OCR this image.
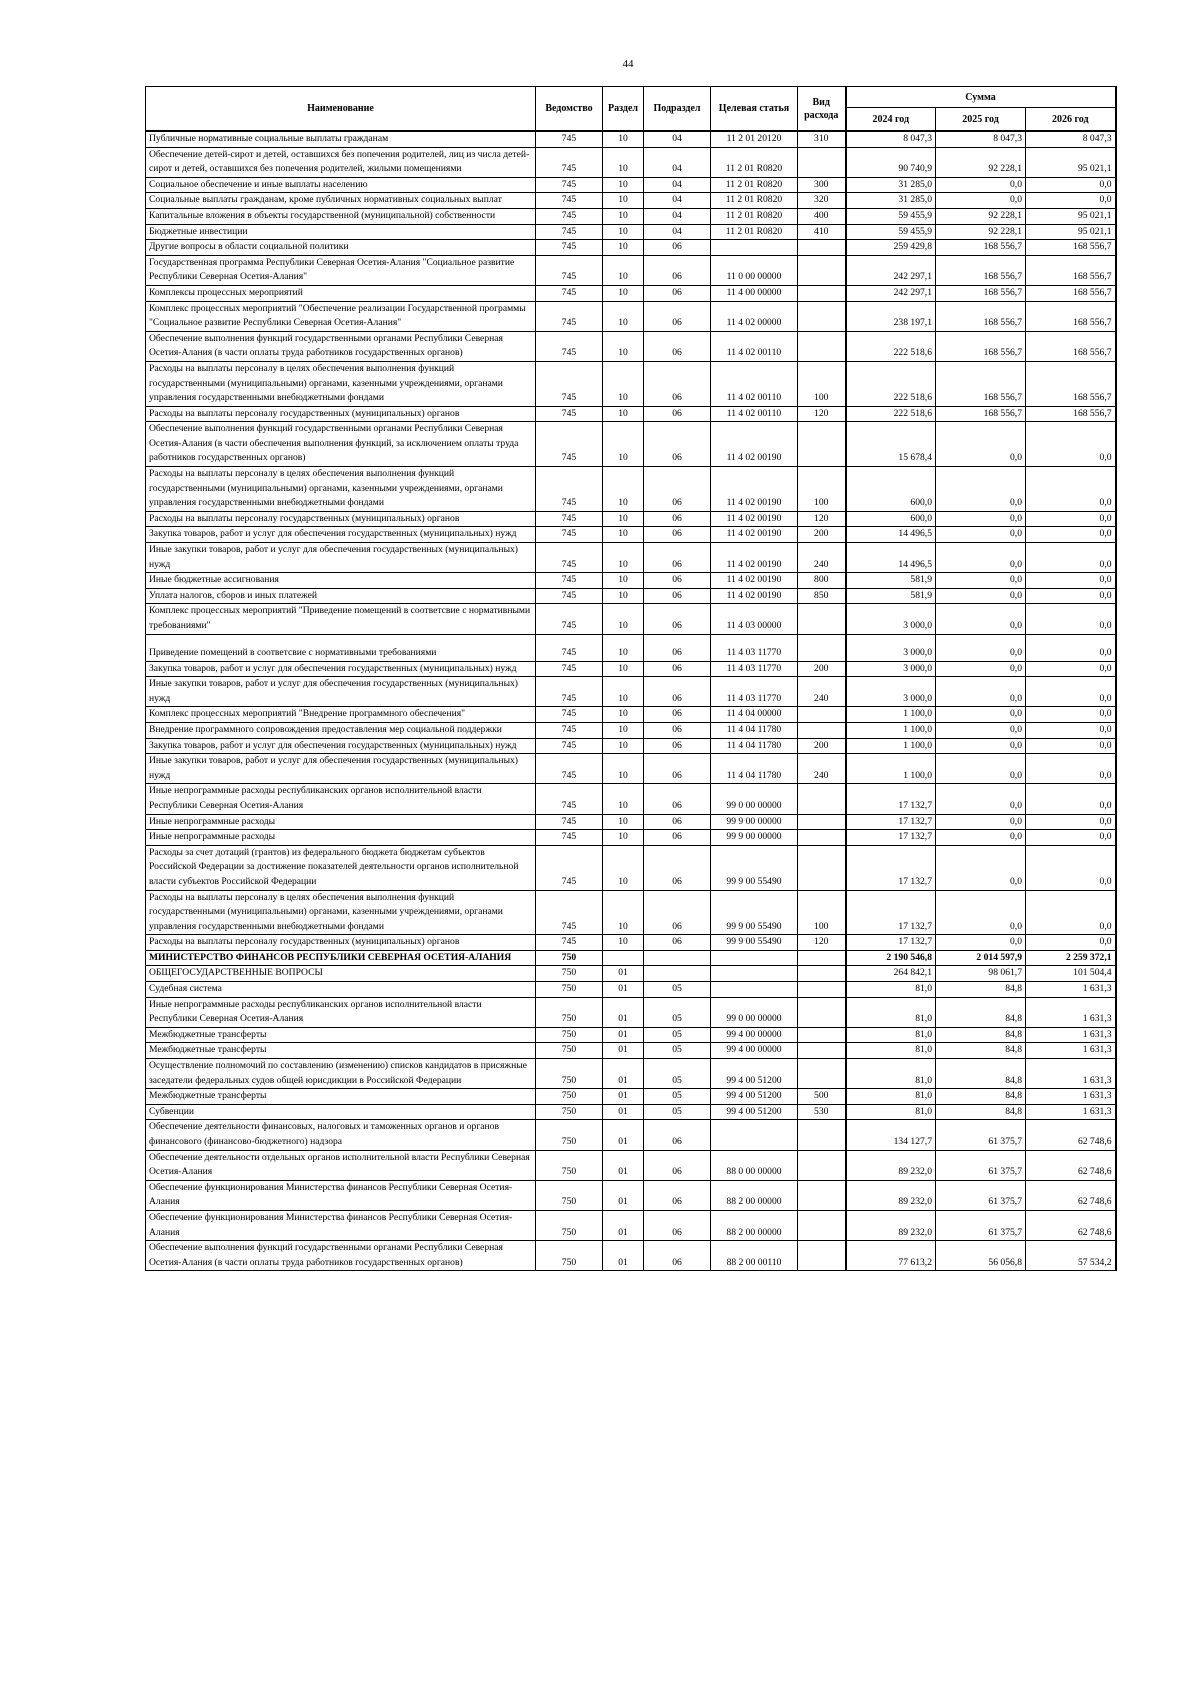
44
Наименование	Ведомство	Раздел	Подраздел	Целевая статья	Вид расхода	Сумма		
						2024 год	2025 год	2026 год
Публичные нормативные социальные выплаты гражданам	745	10	04	11 2 01 20120	310	8 047,3	8 047,3	8 047,3
Обеспечение детей-сирот и детей, оставшихся без попечения родителей, лиц из числа детей-сирот и детей, оставшихся без попечения родителей, жилыми помещениями	745	10	04	11 2 01 R0820		90 740,9	92 228,1	95 021,1
Социальное обеспечение и иные выплаты населению	745	10	04	11 2 01 R0820	300	31 285,0	0,0	0,0
Социальные выплаты гражданам, кроме публичных нормативных социальных выплат	745	10	04	11 2 01 R0820	320	31 285,0	0,0	0,0
Капитальные вложения в объекты государственной (муниципальной) собственности	745	10	04	11 2 01 R0820	400	59 455,9	92 228,1	95 021,1
Бюджетные инвестиции	745	10	04	11 2 01 R0820	410	59 455,9	92 228,1	95 021,1
Другие вопросы в области социальной политики	745	10	06			259 429,8	168 556,7	168 556,7
Государственная программа Республики Северная Осетия-Алания "Социальное развитие Республики Северная Осетия-Алания"	745	10	06	11 0 00 00000		242 297,1	168 556,7	168 556,7
Комплексы процессных мероприятий	745	10	06	11 4 00 00000		242 297,1	168 556,7	168 556,7
Комплекс процессных мероприятий "Обеспечение реализации Государственной программы "Социальное развитие Республики Северная Осетия-Алания"	745	10	06	11 4 02 00000		238 197,1	168 556,7	168 556,7
Обеспечение выполнения функций государственными органами Республики Северная Осетия-Алания (в части оплаты труда работников государственных органов)	745	10	06	11 4 02 00110		222 518,6	168 556,7	168 556,7
Расходы на выплаты персоналу в целях обеспечения выполнения функций государственными (муниципальными) органами, казенными учреждениями, органами управления государственными внебюджетными фондами	745	10	06	11 4 02 00110	100	222 518,6	168 556,7	168 556,7
Расходы на выплаты персоналу государственных (муниципальных) органов	745	10	06	11 4 02 00110	120	222 518,6	168 556,7	168 556,7
Обеспечение выполнения функций государственными органами Республики Северная Осетия-Алания (в части обеспечения выполнения функций, за исключением оплаты труда работников государственных органов)	745	10	06	11 4 02 00190		15 678,4	0,0	0,0
Расходы на выплаты персоналу в целях обеспечения выполнения функций государственными (муниципальными) органами, казенными учреждениями, органами управления государственными внебюджетными фондами	745	10	06	11 4 02 00190	100	600,0	0,0	0,0
Расходы на выплаты персоналу государственных (муниципальных) органов	745	10	06	11 4 02 00190	120	600,0	0,0	0,0
Закупка товаров, работ и услуг для обеспечения государственных (муниципальных) нужд	745	10	06	11 4 02 00190	200	14 496,5	0,0	0,0
Иные закупки товаров, работ и услуг для обеспечения государственных (муниципальных) нужд	745	10	06	11 4 02 00190	240	14 496,5	0,0	0,0
Иные бюджетные ассигнования	745	10	06	11 4 02 00190	800	581,9	0,0	0,0
Уплата налогов, сборов и иных платежей	745	10	06	11 4 02 00190	850	581,9	0,0	0,0
Комплекс процессных мероприятий "Приведение помещений в соответсвие с нормативными требованиями"	745	10	06	11 4 03 00000		3 000,0	0,0	0,0
Приведение помещений в соответсвие с нормативными требованиями	745	10	06	11 4 03 11770		3 000,0	0,0	0,0
Закупка товаров, работ и услуг для обеспечения государственных (муниципальных) нужд	745	10	06	11 4 03 11770	200	3 000,0	0,0	0,0
Иные закупки товаров, работ и услуг для обеспечения государственных (муниципальных) нужд	745	10	06	11 4 03 11770	240	3 000,0	0,0	0,0
Комплекс процессных мероприятий "Внедрение программного обеспечения"	745	10	06	11 4 04 00000		1 100,0	0,0	0,0
Внедрение программного сопровождения предоставления мер социальной поддержки	745	10	06	11 4 04 11780		1 100,0	0,0	0,0
Закупка товаров, работ и услуг для обеспечения государственных (муниципальных) нужд	745	10	06	11 4 04 11780	200	1 100,0	0,0	0,0
Иные закупки товаров, работ и услуг для обеспечения государственных (муниципальных) нужд	745	10	06	11 4 04 11780	240	1 100,0	0,0	0,0
Иные непрограммные расходы республиканских органов исполнительной власти Республики Северная Осетия-Алания	745	10	06	99 0 00 00000		17 132,7	0,0	0,0
Иные непрограммные расходы	745	10	06	99 9 00 00000		17 132,7	0,0	0,0
Иные непрограммные расходы	745	10	06	99 9 00 00000		17 132,7	0,0	0,0
Расходы за счет дотаций (грантов) из федерального бюджета бюджетам субъектов Российской Федерации за достижение показателей деятельности органов исполнительной власти субъектов Российской Федерации	745	10	06	99 9 00 55490		17 132,7	0,0	0,0
Расходы на выплаты персоналу в целях обеспечения выполнения функций государственными (муниципальными) органами, казенными учреждениями, органами управления государственными внебюджетными фондами	745	10	06	99 9 00 55490	100	17 132,7	0,0	0,0
Расходы на выплаты персоналу государственных (муниципальных) органов	745	10	06	99 9 00 55490	120	17 132,7	0,0	0,0
МИНИСТЕРСТВО ФИНАНСОВ РЕСПУБЛИКИ СЕВЕРНАЯ ОСЕТИЯ-АЛАНИЯ	750					2 190 546,8	2 014 597,9	2 259 372,1
ОБЩЕГОСУДАРСТВЕННЫЕ ВОПРОСЫ	750	01				264 842,1	98 061,7	101 504,4
Судебная система	750	01	05			81,0	84,8	1 631,3
Иные непрограммные расходы республиканских органов исполнительной власти Республики Северная Осетия-Алания	750	01	05	99 0 00 00000		81,0	84,8	1 631,3
Межбюджетные трансферты	750	01	05	99 4 00 00000		81,0	84,8	1 631,3
Межбюджетные трансферты	750	01	05	99 4 00 00000		81,0	84,8	1 631,3
Осуществление полномочий по составлению (изменению) списков кандидатов в присяжные заседатели федеральных судов общей юрисдикции в Российской Федерации	750	01	05	99 4 00 51200		81,0	84,8	1 631,3
Межбюджетные трансферты	750	01	05	99 4 00 51200	500	81,0	84,8	1 631,3
Субвенции	750	01	05	99 4 00 51200	530	81,0	84,8	1 631,3
Обеспечение деятельности финансовых, налоговых и таможенных органов и органов финансового (финансово-бюджетного) надзора	750	01	06			134 127,7	61 375,7	62 748,6
Обеспечение деятельности отдельных органов исполнительной власти Республики Северная Осетия-Алания	750	01	06	88 0 00 00000		89 232,0	61 375,7	62 748,6
Обеспечение функционирования Министерства финансов Республики Северная Осетия-Алания	750	01	06	88 2 00 00000		89 232,0	61 375,7	62 748,6
Обеспечение функционирования Министерства финансов Республики Северная Осетия-Алания	750	01	06	88 2 00 00000		89 232,0	61 375,7	62 748,6
Обеспечение выполнения функций государственными органами Республики Северная Осетия-Алания (в части оплаты труда работников государственных органов)	750	01	06	88 2 00 00110		77 613,2	56 056,8	57 534,2
